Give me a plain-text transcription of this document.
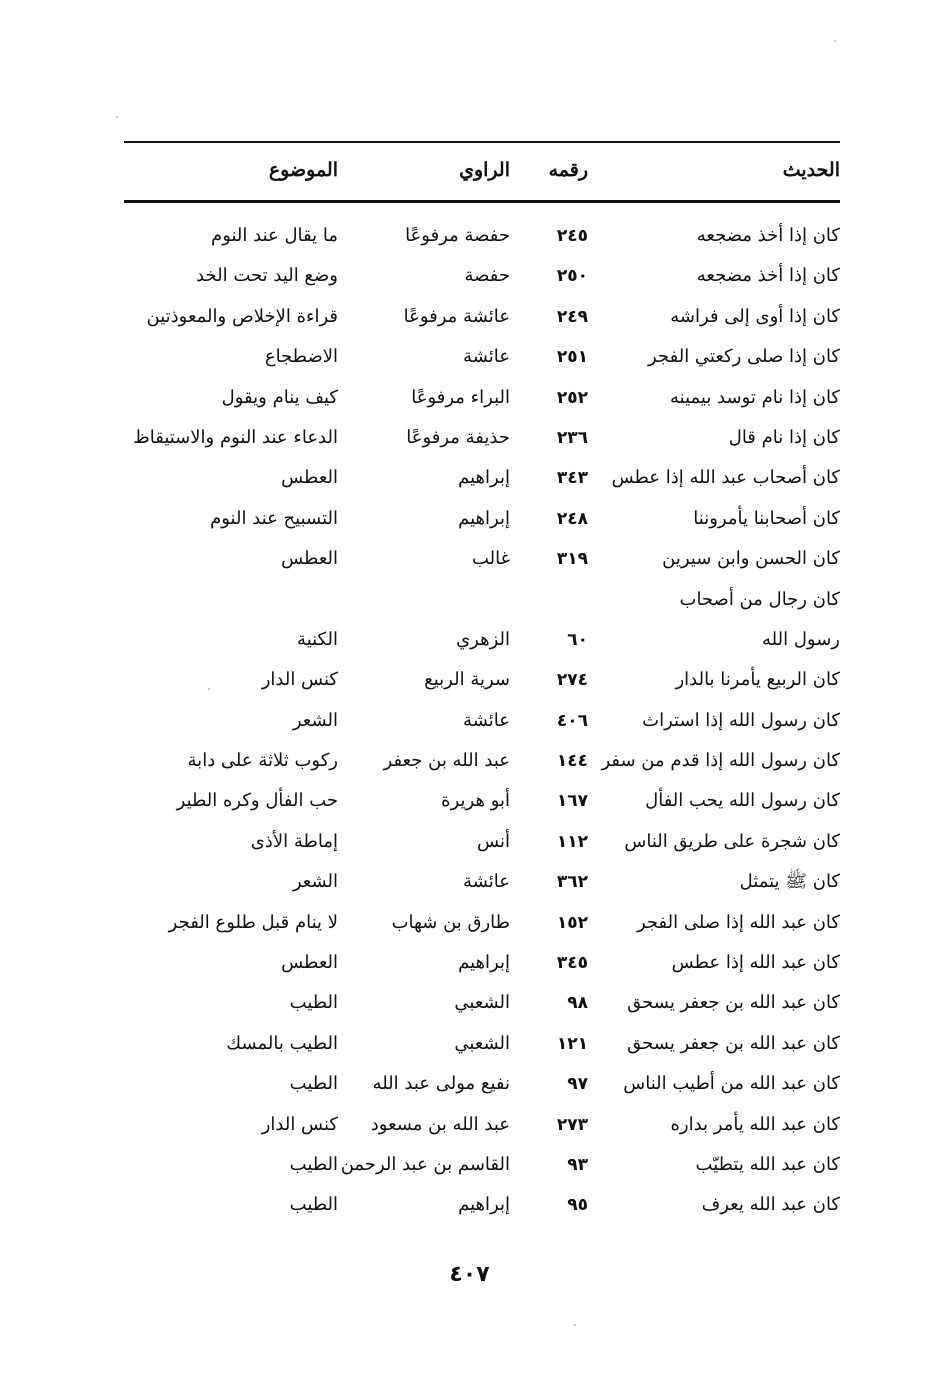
الحديث
رقمه
الراوي
الموضوع
كان إذا أخذ مضجعه
٢٤٥
حفصة مرفوعًا
ما يقال عند النوم
كان إذا أخذ مضجعه
٢٥٠
حفصة
وضع اليد تحت الخد
كان إذا أوى إلى فراشه
٢٤٩
عائشة مرفوعًا
قراءة الإخلاص والمعوذتين
كان إذا صلى ركعتي الفجر
٢٥١
عائشة
الاضطجاع
كان إذا نام توسد بيمينه
٢٥٢
البراء مرفوعًا
كيف ينام ويقول
كان إذا نام قال
٢٣٦
حذيفة مرفوعًا
الدعاء عند النوم والاستيقاظ
كان أصحاب عبد الله إذا عطس
٣٤٣
إبراهيم
العطس
كان أصحابنا يأمروننا
٢٤٨
إبراهيم
التسبيح عند النوم
كان الحسن وابن سيرين
٣١٩
غالب
العطس
كان رجال من أصحاب
رسول الله
٦٠
الزهري
الكنية
كان الربيع يأمرنا بالدار
٢٧٤
سرية الربيع
كنس الدار
كان رسول الله إذا استراث
٤٠٦
عائشة
الشعر
كان رسول الله إذا قدم من سفر
١٤٤
عبد الله بن جعفر
ركوب ثلاثة على دابة
كان رسول الله يحب الفأل
١٦٧
أبو هريرة
حب الفأل وكره الطير
كان شجرة على طريق الناس
١١٢
أنس
إماطة الأذى
كان ﷺ يتمثل
٣٦٢
عائشة
الشعر
كان عبد الله إذا صلى الفجر
١٥٢
طارق بن شهاب
لا ينام قبل طلوع الفجر
كان عبد الله إذا عطس
٣٤٥
إبراهيم
العطس
كان عبد الله بن جعفر يسحق
٩٨
الشعبي
الطيب
كان عبد الله بن جعفر يسحق
١٢١
الشعبي
الطيب بالمسك
كان عبد الله من أطيب الناس
٩٧
نفيع مولى عبد الله
الطيب
كان عبد الله يأمر بداره
٢٧٣
عبد الله بن مسعود
كنس الدار
كان عبد الله يتطيّب
٩٣
القاسم بن عبد الرحمن
الطيب
كان عبد الله يعرف
٩٥
إبراهيم
الطيب
٤٠٧
